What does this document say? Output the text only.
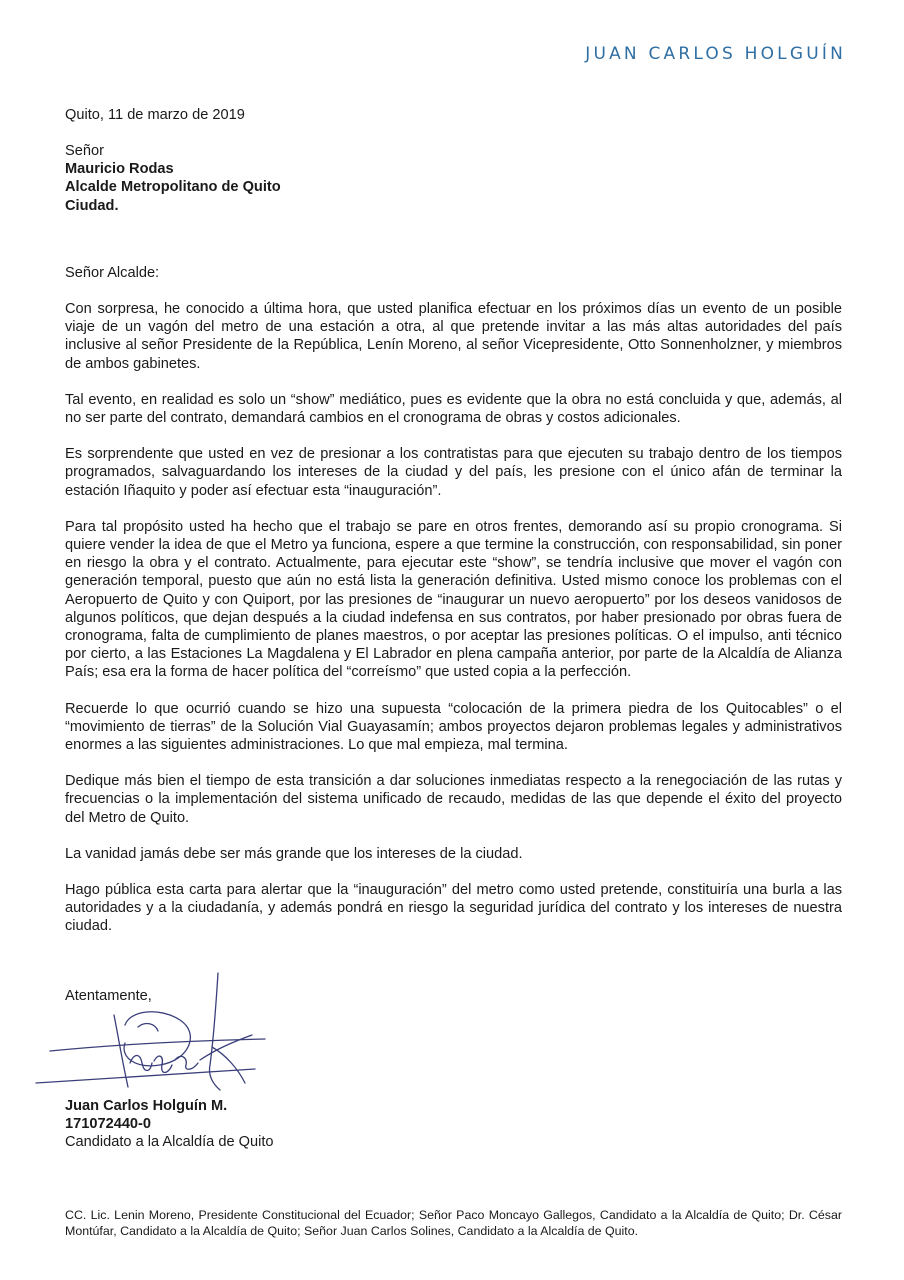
JUAN CARLOS HOLGUÍN
Quito, 11 de marzo de 2019
Señor
Mauricio Rodas
Alcalde Metropolitano de Quito
Ciudad.
Señor Alcalde:

Con sorpresa, he conocido a última hora, que usted planifica efectuar en los próximos días un evento de un posible viaje de un vagón del metro de una estación a otra, al que pretende invitar a las más altas autoridades del país inclusive al señor Presidente de la República, Lenín Moreno, al señor Vicepresidente, Otto Sonnenholzner, y miembros de ambos gabinetes.

Tal evento, en realidad es solo un “show” mediático, pues es evidente que la obra no está concluida y que, además, al no ser parte del contrato, demandará cambios en el cronograma de obras y costos adicionales.

Es sorprendente que usted en vez de presionar a los contratistas para que ejecuten su trabajo dentro de los tiempos programados, salvaguardando los intereses de la ciudad y del país, les presione con el único afán de terminar la estación Iñaquito y poder así efectuar esta “inauguración”.

Para tal propósito usted ha hecho que el trabajo se pare en otros frentes, demorando así su propio cronograma. Si quiere vender la idea de que el Metro ya funciona, espere a que termine la construcción, con responsabilidad, sin poner en riesgo la obra y el contrato. Actualmente, para ejecutar este “show”, se tendría inclusive que mover el vagón con generación temporal, puesto que aún no está lista la generación definitiva. Usted mismo conoce los problemas con el Aeropuerto de Quito y con Quiport, por las presiones de “inaugurar un nuevo aeropuerto” por los deseos vanidosos de algunos políticos, que dejan después a la ciudad indefensa en sus contratos, por haber presionado por obras fuera de cronograma, falta de cumplimiento de planes maestros, o por aceptar las presiones políticas. O el impulso, anti técnico por cierto, a las Estaciones La Magdalena y El Labrador en plena campaña anterior, por parte de la Alcaldía de Alianza País; esa era la forma de hacer política del “correísmo” que usted copia a la perfección.

Recuerde lo que ocurrió cuando se hizo una supuesta “colocación de la primera piedra de los Quitocables” o el “movimiento de tierras” de la Solución Vial Guayasamín; ambos proyectos dejaron problemas legales y administrativos enormes a las siguientes administraciones. Lo que mal empieza, mal termina.

Dedique más bien el tiempo de esta transición a dar soluciones inmediatas respecto a la renegociación de las rutas y frecuencias o la implementación del sistema unificado de recaudo, medidas de las que depende el éxito del proyecto del Metro de Quito.

La vanidad jamás debe ser más grande que los intereses de la ciudad.

Hago pública esta carta para alertar que la “inauguración” del metro como usted pretende, constituiría una burla a las autoridades y a la ciudadanía, y además pondrá en riesgo la seguridad jurídica del contrato y los intereses de nuestra ciudad.

Atentamente,
Juan Carlos Holguín M.
171072440-0
Candidato a la Alcaldía de Quito
CC. Lic. Lenin Moreno, Presidente Constitucional del Ecuador; Señor Paco Moncayo Gallegos, Candidato a la Alcaldía de Quito; Dr. César Montúfar, Candidato a la Alcaldía de Quito; Señor Juan Carlos Solines, Candidato a la Alcaldía de Quito.
